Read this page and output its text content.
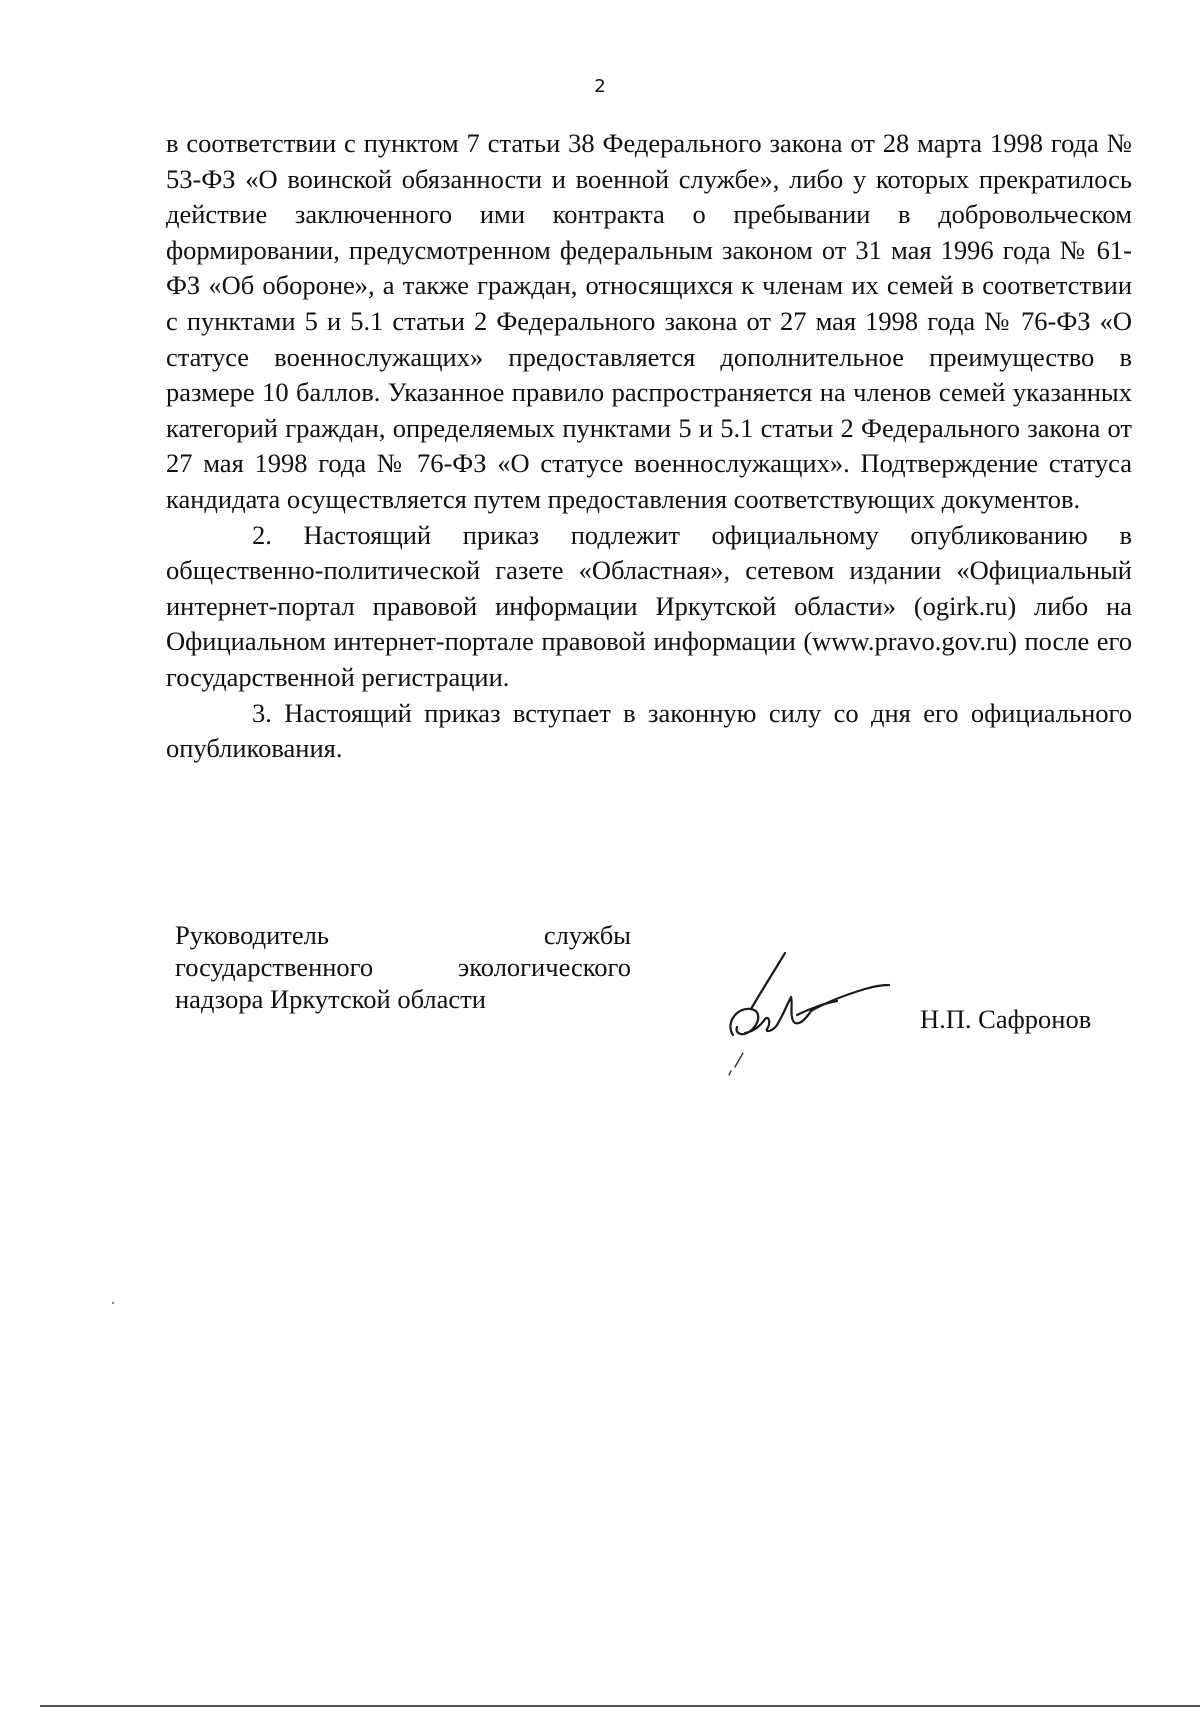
2

в соответствии с пунктом 7 статьи 38 Федерального закона от 28 марта 1998 года № 53-ФЗ «О воинской обязанности и военной службе», либо у которых прекратилось действие заключенного ими контракта о пребывании в добровольческом формировании, предусмотренном федеральным законом от 31 мая 1996 года № 61-ФЗ «Об обороне», а также граждан, относящихся к членам их семей в соответствии с пунктами 5 и 5.1 статьи 2 Федерального закона от 27 мая 1998 года № 76-ФЗ «О статусе военнослужащих» предоставляется дополнительное преимущество в размере 10 баллов. Указанное правило распространяется на членов семей указанных категорий граждан, определяемых пунктами 5 и 5.1 статьи 2 Федерального закона от 27 мая 1998 года № 76-ФЗ «О статусе военнослужащих». Подтверждение статуса кандидата осуществляется путем предоставления соответствующих документов.

2. Настоящий приказ подлежит официальному опубликованию в общественно-политической газете «Областная», сетевом издании «Официальный интернет-портал правовой информации Иркутской области» (ogirk.ru) либо на Официальном интернет-портале правовой информации (www.pravo.gov.ru) после его государственной регистрации.

3. Настоящий приказ вступает в законную силу со дня его официального опубликования.

Руководитель службы
государственного экологического
надзора Иркутской области
Н.П. Сафронов
